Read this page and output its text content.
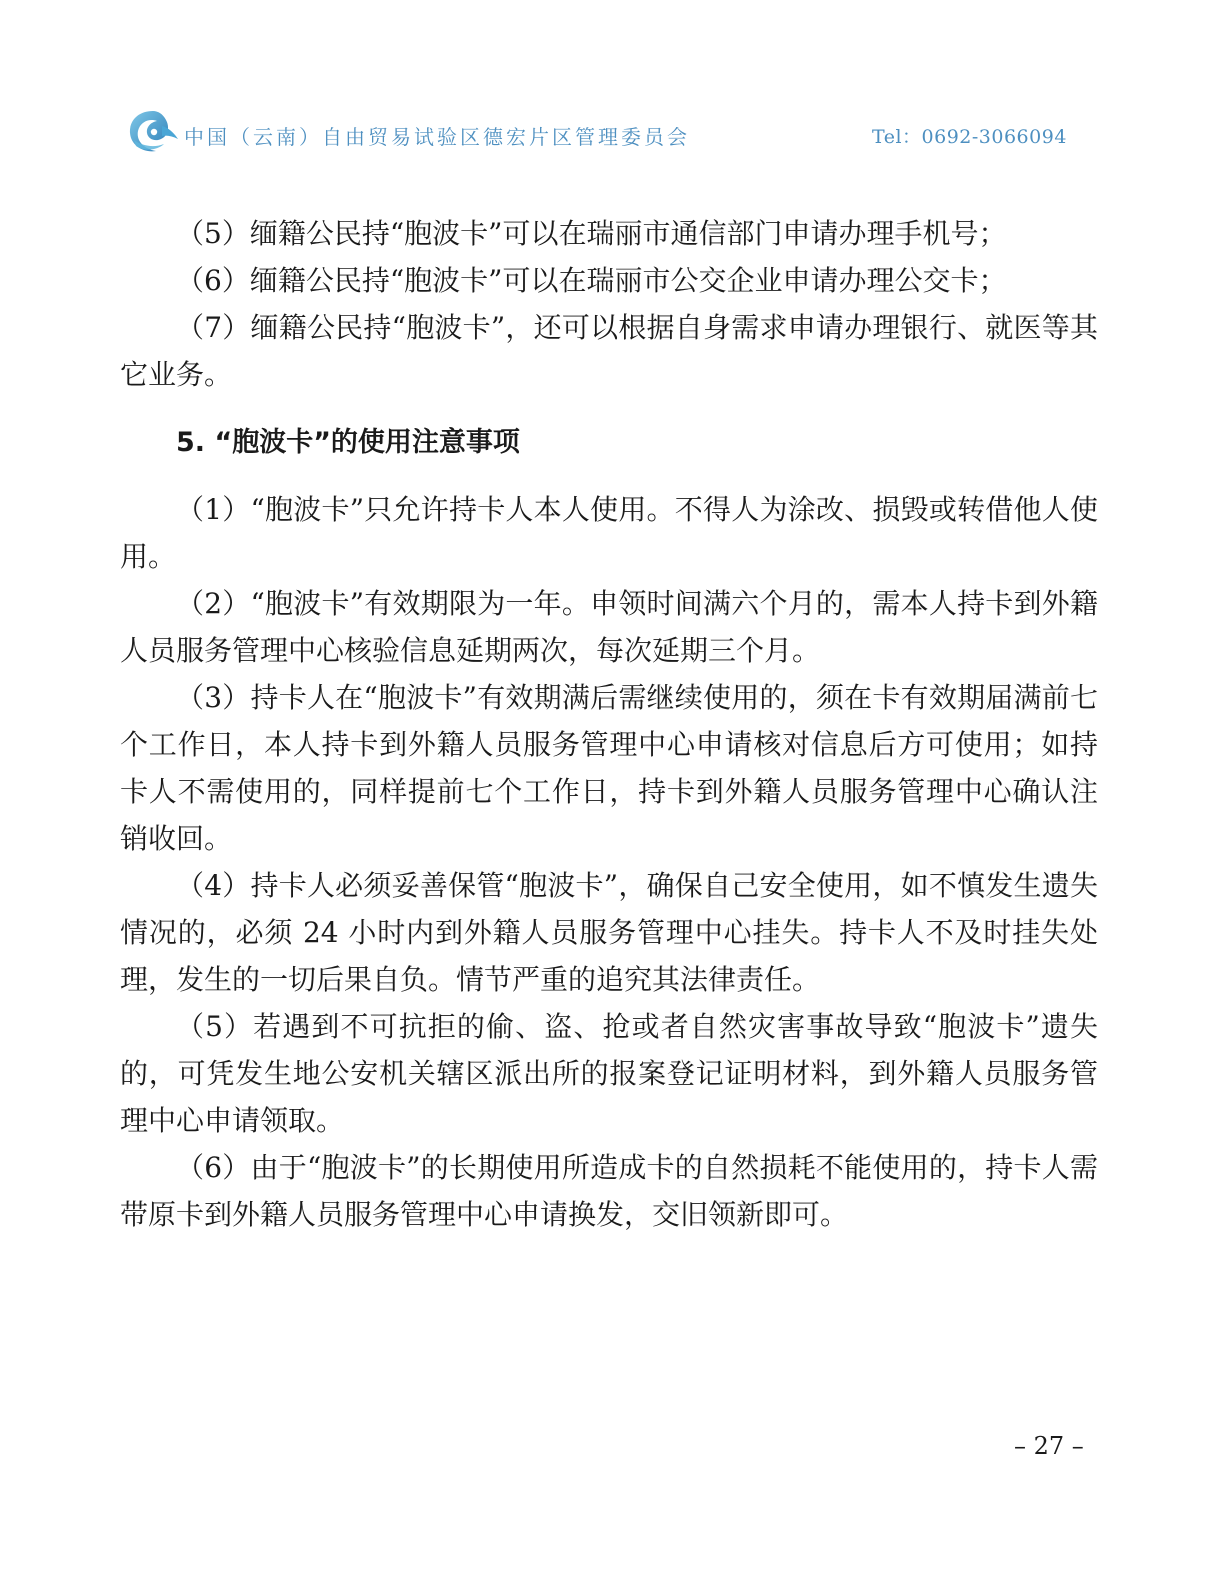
中国（云南）自由贸易试验区德宏片区管理委员会	Tel：0692-3066094

（5）缅籍公民持“胞波卡”可以在瑞丽市通信部门申请办理手机号；

（6）缅籍公民持“胞波卡”可以在瑞丽市公交企业申请办理公交卡；

（7）缅籍公民持“胞波卡”，还可以根据自身需求申请办理银行、就医等其它业务。

5. “胞波卡”的使用注意事项

（1）“胞波卡”只允许持卡人本人使用。不得人为涂改、损毁或转借他人使用。

（2）“胞波卡”有效期限为一年。申领时间满六个月的，需本人持卡到外籍人员服务管理中心核验信息延期两次，每次延期三个月。

（3）持卡人在“胞波卡”有效期满后需继续使用的，须在卡有效期届满前七个工作日，本人持卡到外籍人员服务管理中心申请核对信息后方可使用；如持卡人不需使用的，同样提前七个工作日，持卡到外籍人员服务管理中心确认注销收回。

（4）持卡人必须妥善保管“胞波卡”，确保自己安全使用，如不慎发生遗失情况的，必须 24 小时内到外籍人员服务管理中心挂失。持卡人不及时挂失处理，发生的一切后果自负。情节严重的追究其法律责任。

（5）若遇到不可抗拒的偷、盗、抢或者自然灾害事故导致“胞波卡”遗失的，可凭发生地公安机关辖区派出所的报案登记证明材料，到外籍人员服务管理中心申请领取。

（6）由于“胞波卡”的长期使用所造成卡的自然损耗不能使用的，持卡人需带原卡到外籍人员服务管理中心申请换发，交旧领新即可。

– 27 –
